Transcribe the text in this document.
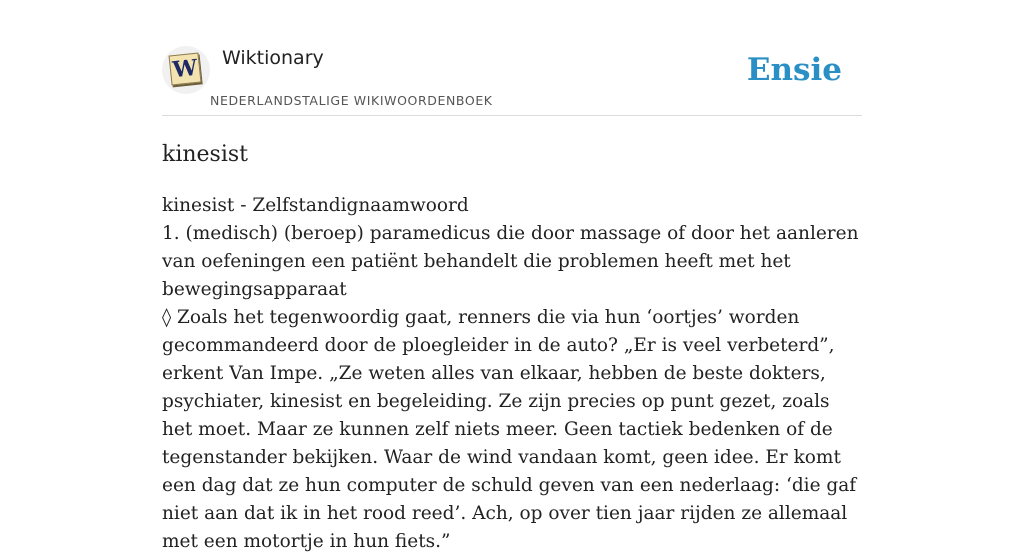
W Wiktionary
NEDERLANDSTALIGE WIKIWOORDENBOEK
Ensie
kinesist

kinesist - Zelfstandignaamwoord

1. (medisch) (beroep) paramedicus die door massage of door het aanleren van oefeningen een patiënt behandelt die problemen heeft met het bewegingsapparaat

◊ Zoals het tegenwoordig gaat, renners die via hun ‘oortjes’ worden gecommandeerd door de ploegleider in de auto? „Er is veel verbeterd”, erkent Van Impe. „Ze weten alles van elkaar, hebben de beste dokters, psychiater, kinesist en begeleiding. Ze zijn precies op punt gezet, zoals het moet. Maar ze kunnen zelf niets meer. Geen tactiek bedenken of de tegenstander bekijken. Waar de wind vandaan komt, geen idee. Er komt een dag dat ze hun computer de schuld geven van een nederlaag: ‘die gaf niet aan dat ik in het rood reed’. Ach, op over tien jaar rijden ze allemaal met een motortje in hun fiets.”
